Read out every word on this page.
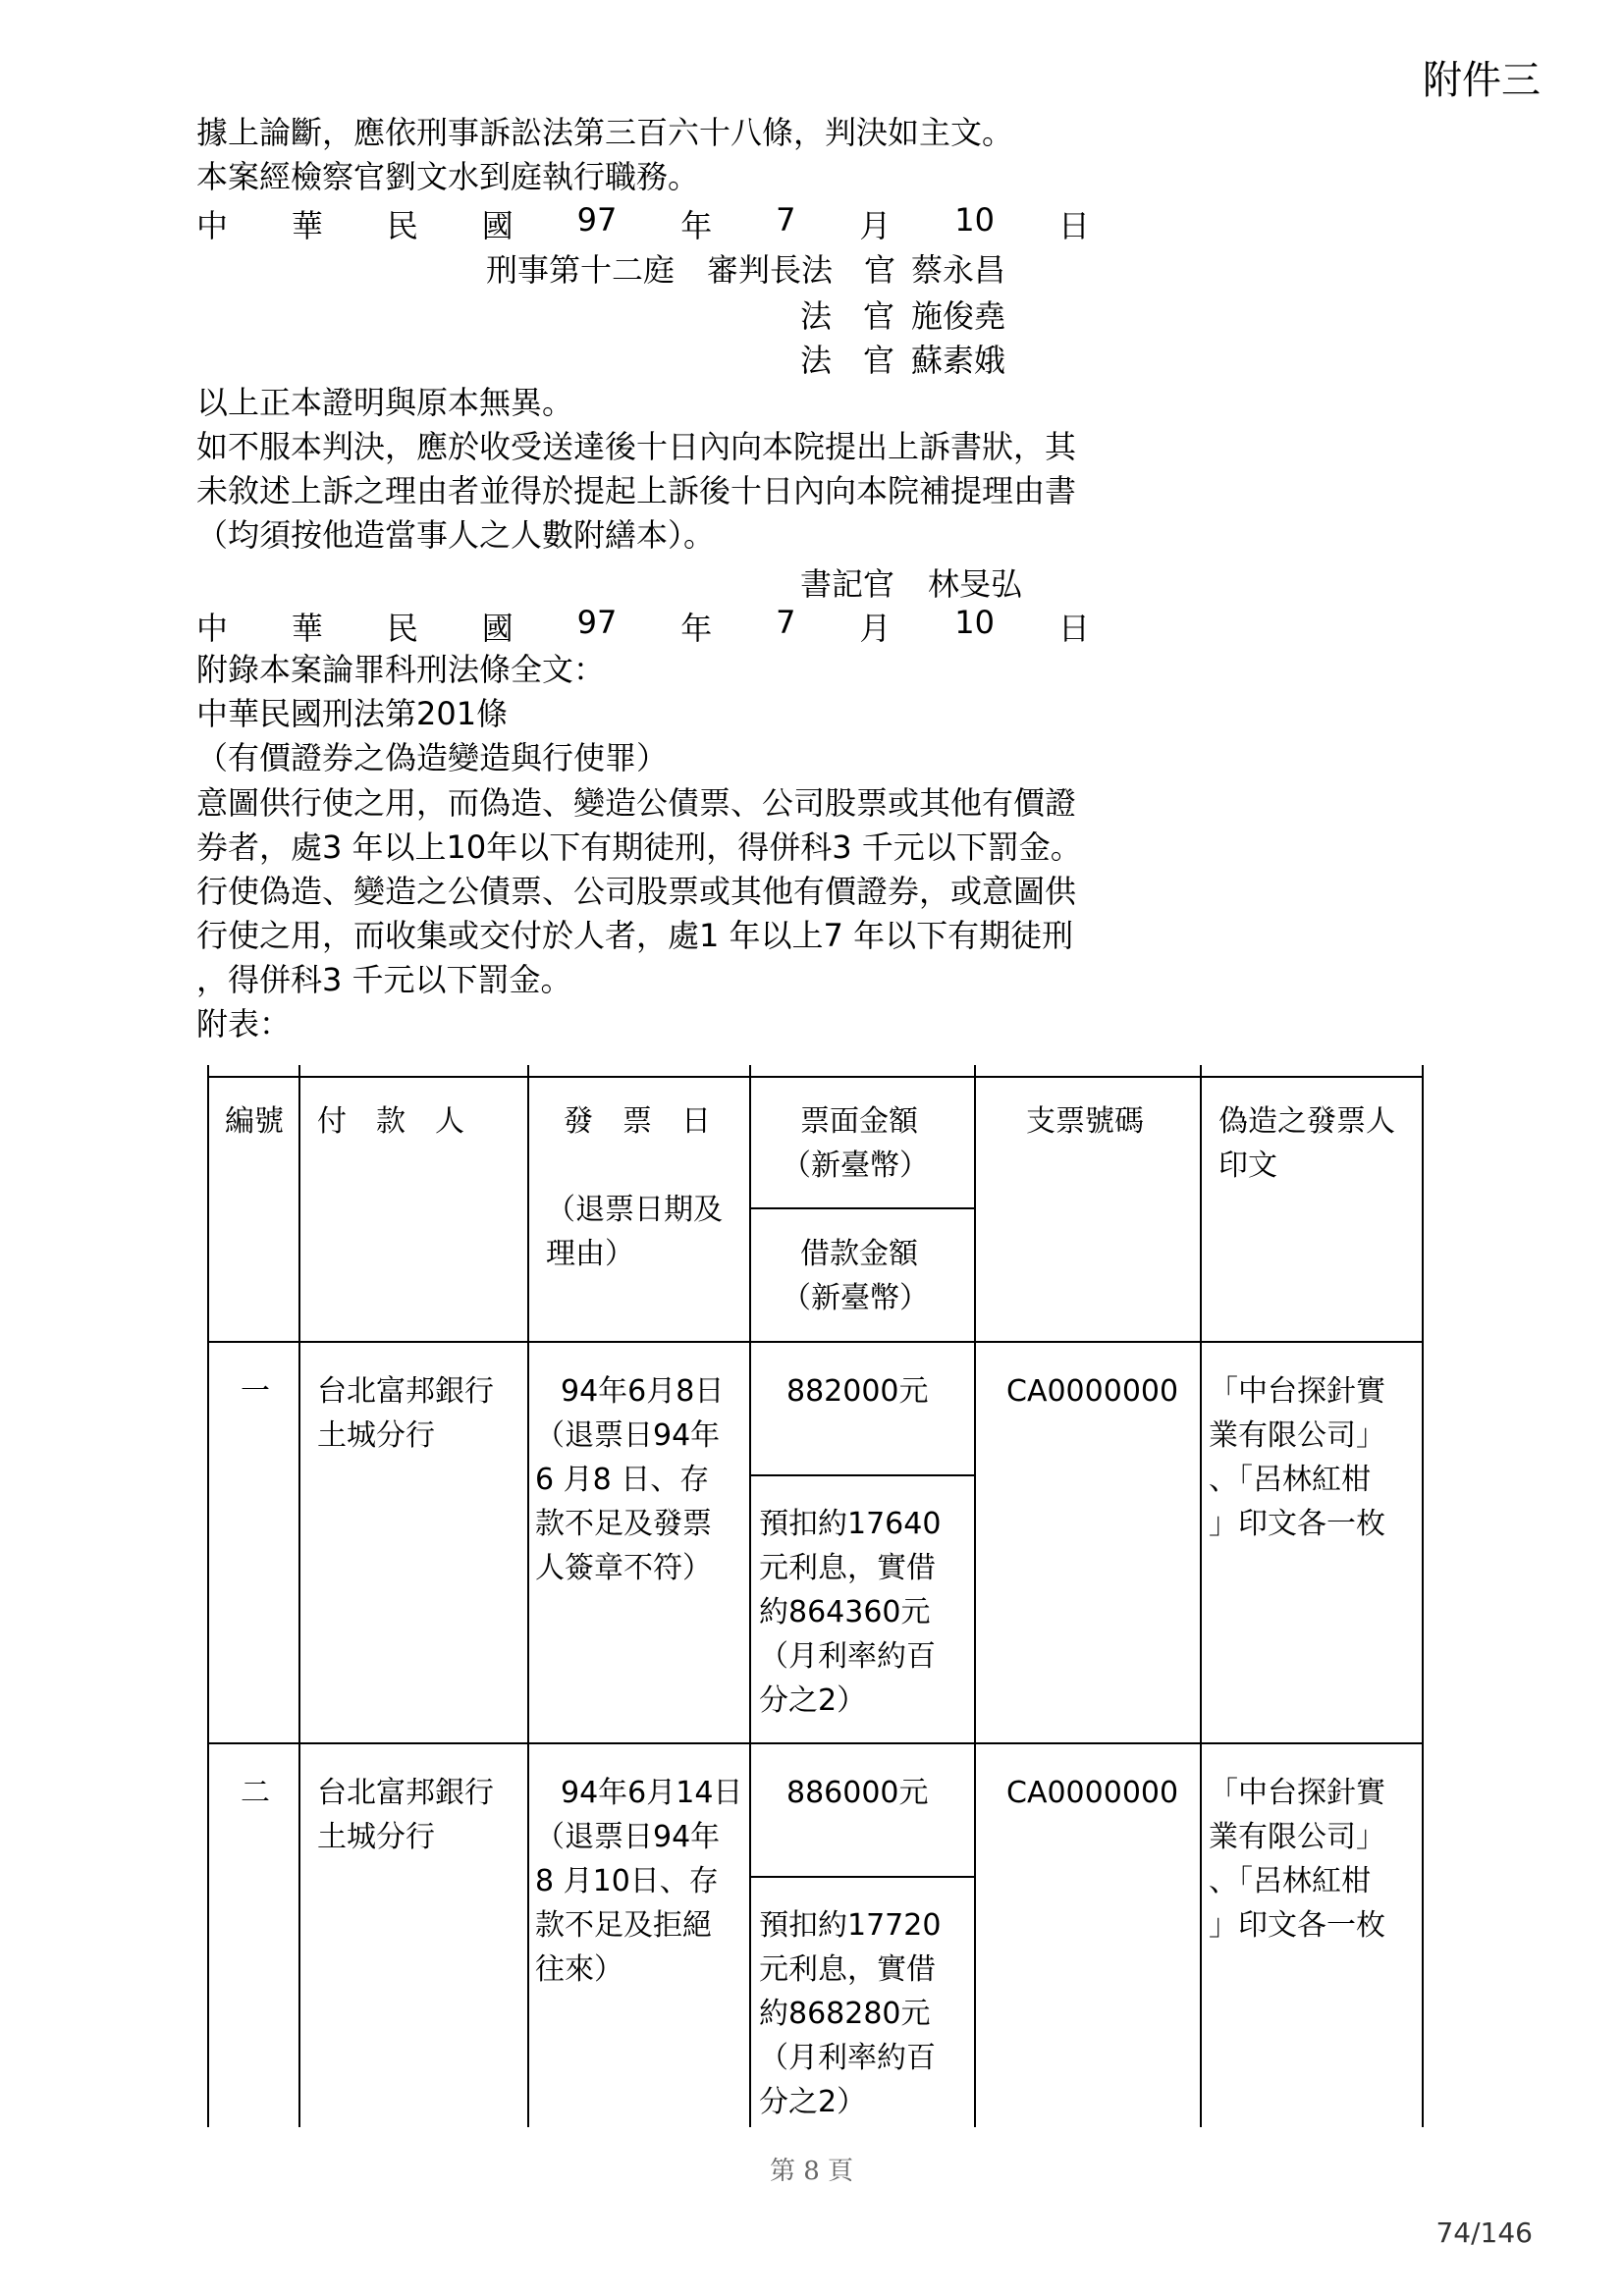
附件三
據上論斷，應依刑事訴訟法第三百六十八條，判決如主文。
本案經檢察官劉文水到庭執行職務。
中 華 民 國 97 年 7 月 10 日
刑事第十二庭 審判長法　官 蔡永昌
法　官 施俊堯
法　官 蘇素娥
以上正本證明與原本無異。
如不服本判決，應於收受送達後十日內向本院提出上訴書狀，其
未敘述上訴之理由者並得於提起上訴後十日內向本院補提理由書
（均須按他造當事人之人數附繕本）。
書記官 林旻弘
中 華 民 國 97 年 7 月 10 日
附錄本案論罪科刑法條全文：
中華民國刑法第201條
（有價證券之偽造變造與行使罪）
意圖供行使之用，而偽造、變造公債票、公司股票或其他有價證
券者，處3 年以上10年以下有期徒刑，得併科3 千元以下罰金。
行使偽造、變造之公債票、公司股票或其他有價證券，或意圖供
行使之用，而收集或交付於人者，處1 年以上7 年以下有期徒刑
，得併科3 千元以下罰金。
附表：
編號 付　款　人	發　票　日
（退票日期及
理由）
票面金額
（新臺幣）
借款金額
（新臺幣）
支票號碼	偽造之發票人
印文
一 台北富邦銀行
土城分行
94年6月8日
（退票日94年
6 月8 日、存
款不足及發票
人簽章不符）
882000元
預扣約17640
元利息，實借
約864360元
（月利率約百
分之2）
CA0000000 「中台探針實
業有限公司」
、「呂林紅柑
」印文各一枚
二 台北富邦銀行
土城分行
94年6月14日
（退票日94年
8 月10日、存
款不足及拒絕
往來）
886000元
預扣約17720
元利息，實借
約868280元
（月利率約百
分之2）
CA0000000 「中台探針實
業有限公司」
、「呂林紅柑
」印文各一枚
第 8 頁
74/146
